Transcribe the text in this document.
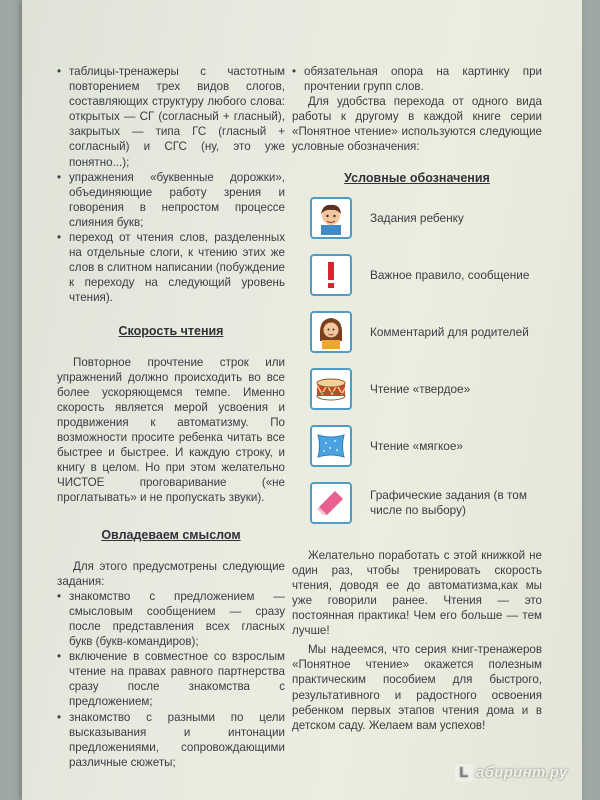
• таблицы-тренажеры с частотным повторением трех видов слогов, составляющих структуру любого слова: открытых — СГ (согласный + гласный), закрытых — типа ГС (гласный + согласный) и СГС (ну, это уже понятно...);
• упражнения «буквенные дорожки», объединяющие работу зрения и говорения в непростом процессе слияния букв;
• переход от чтения слов, разделенных на отдельные слоги, к чтению этих же слов в слитном написании (побуждение к переходу на следующий уровень чтения).
Скорость чтения

Повторное прочтение строк или упражнений должно происходить во все более ускоряющемся темпе. Именно скорость является мерой усвоения и продвижения к автоматизму. По возможности просите ребенка читать все быстрее и быстрее. И каждую строку, и книгу в целом. Но при этом желательно ЧИСТОЕ проговаривание («не проглатывать» и не пропускать звуки).

Овладеваем смыслом

Для этого предусмотрены следующие задания:

• знакомство с предложением — смысловым сообщением — сразу после представления всех гласных букв (букв-командиров);
• включение в совместное со взрослым чтение на правах равного партнерства сразу после знакомства с предложением;
• знакомство с разными по цели высказывания и интонации предложениями, сопровождающими различные сюжеты;
• обязательная опора на картинку при прочтении групп слов.

Для удобства перехода от одного вида работы к другому в каждой книге серии «Понятное чтение» используются следующие условные обозначения:

Условные обозначения
Задания ребенку
Важное правило, сообщение
Комментарий для родителей
Чтение «твердое»
Чтение «мягкое»
Графические задания (в том числе по выбору)

Желательно поработать с этой книжкой не один раз, чтобы тренировать скорость чтения, доводя ее до автоматизма,как мы уже говорили ранее. Чтения — это постоянная практика! Чем его больше — тем лучше!

Мы надеемся, что серия книг-тренажеров «Понятное чтение» окажется полезным практическим пособием для быстрого, результативного и радостного освоения ребенком первых этапов чтения дома и в детском саду. Желаем вам успехов!

L абиринт.ру
